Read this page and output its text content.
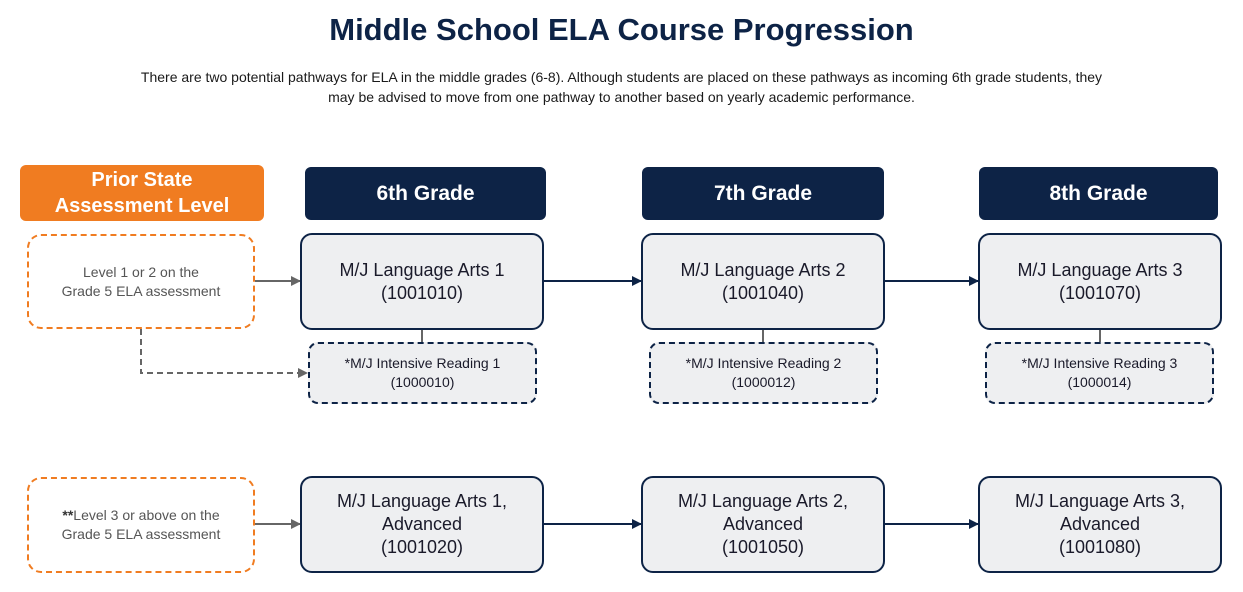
Middle School ELA Course Progression
There are two potential pathways for ELA in the middle grades (6-8). Although students are placed on these pathways as incoming 6th grade students, they
may be advised to move from one pathway to another based on yearly academic performance.
Prior State
Assessment Level
6th Grade	7th Grade	8th Grade
Level 1 or 2 on the
Grade 5 ELA assessment
M/J Language Arts 1
(1001010)
M/J Language Arts 2
(1001040)
M/J Language Arts 3
(1001070)
*M/J Intensive Reading 1
(1000010)
*M/J Intensive Reading 2
(1000012)
*M/J Intensive Reading 3
(1000014)
**Level 3 or above on the
Grade 5 ELA assessment
M/J Language Arts 1,
Advanced
(1001020)
M/J Language Arts 2,
Advanced
(1001050)
M/J Language Arts 3,
Advanced
(1001080)
